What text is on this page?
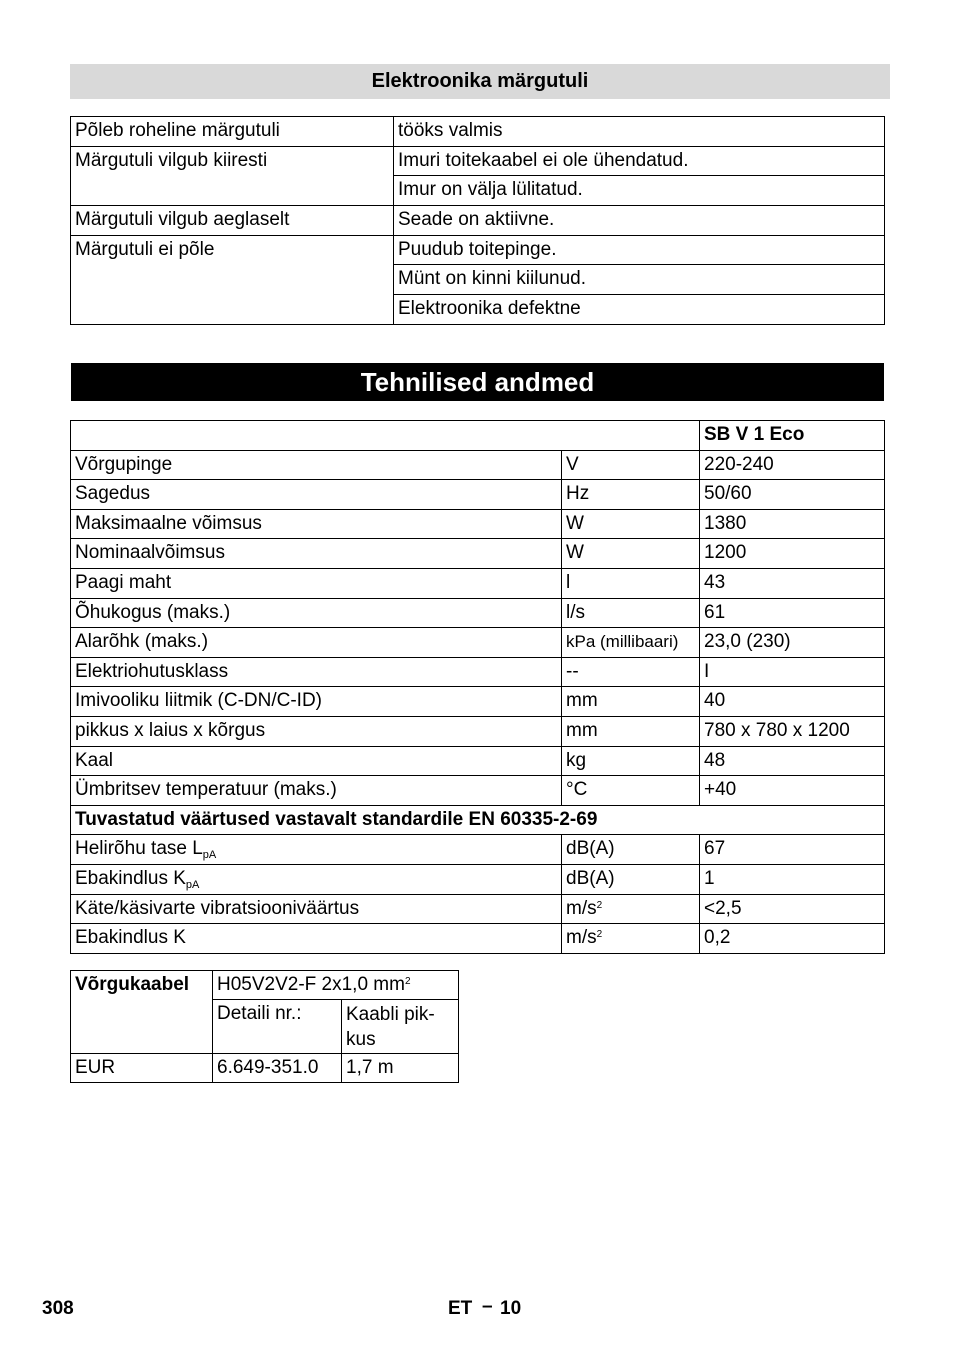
Elektroonika märgutuli
Põleb roheline märgutuli	tööks valmis
Märgutuli vilgub kiiresti	Imuri toitekaabel ei ole ühendatud.
	Imur on välja lülitatud.
Märgutuli vilgub aeglaselt	Seade on aktiivne.
Märgutuli ei põle	Puudub toitepinge.
	Münt on kinni kiilunud.
	Elektroonika defektne
Tehnilised andmed
		SB V 1 Eco
Võrgupinge	V	220-240
Sagedus	Hz	50/60
Maksimaalne võimsus	W	1380
Nominaalvõimsus	W	1200
Paagi maht	l	43
Õhukogus (maks.)	l/s	61
Alarõhk (maks.)	kPa (millibaari)	23,0 (230)
Elektriohutusklass	--	I
Imivooliku liitmik (C-DN/C-ID)	mm	40
pikkus x laius x kõrgus	mm	780 x 780 x 1200
Kaal	kg	48
Ümbritsev temperatuur (maks.)	°C	+40
Tuvastatud väärtused vastavalt standardile EN 60335-2-69		
Helirõhu tase $L_{pA}$	dB(A)	67
Ebakindlus $K_{pA}$	dB(A)	1
Käte/käsivarte vibratsiooniväärtus	$m/s^2$	<2,5
Ebakindlus K	$m/s^2$	0,2
Võrgukaabel	H05V2V2-F 2x1,0 $mm^2$
	Detaili nr.:	Kaabli pik-kus
EUR	6.649-351.0	1,7 m
308	ET – 10
